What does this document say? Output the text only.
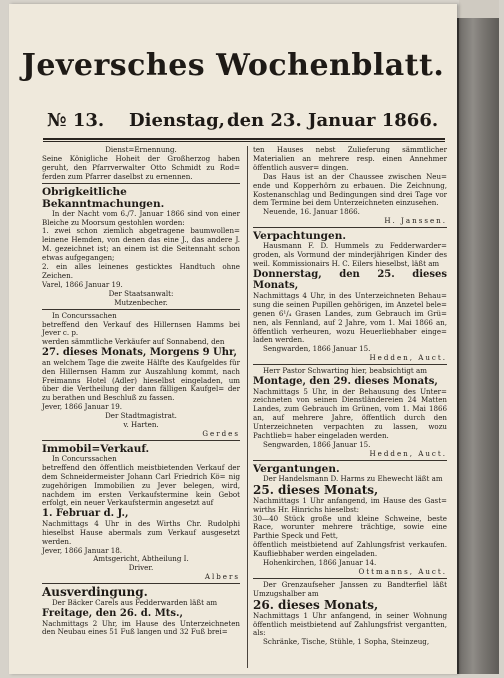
Jeversches Wochenblatt.
№ 13. Dienstag, den 23. Januar 1866.

Dienst=Ernennung.

Seine Königliche Hoheit der Großherzog haben geruht, den Pfarrverwalter Otto Schmidt zu Rod= ferden zum Pfarrer daselbst zu ernennen.

Obrigkeitliche Bekanntmachungen.

In der Nacht vom 6./7. Januar 1866 sind von einer Bleiche zu Moorsum gestohlen worden:

1. zwei schon ziemlich abgetragene baumwollen= leinene Hemden, von denen das eine J., das andere J. M. gezeichnet ist; an einem ist die Seitennaht schon etwas aufgegangen;

2. ein alles leinenes gesticktes Handtuch ohne Zeichen.

Varel, 1866 Januar 19.

Der Staatsanwalt:

Mutzenbecher.

In Concurssachen

betreffend den Verkauf des Hillernsen Hamms bei Jever c. p.

werden sämmtliche Verkäufer auf Sonnabend, den

27. dieses Monats, Morgens 9 Uhr,

an welchem Tage die zweite Hälfte des Kaufgeldes für den Hillernsen Hamm zur Auszahlung kommt, nach Freimanns Hotel (Adler) hieselbst eingeladen, um über die Vertheilung der dann fälligen Kaufgel= der zu berathen und Beschluß zu fassen.

Jever, 1866 Januar 19.

Der Stadtmagistrat.

v. Harten.

Gerdes

Immobil=Verkauf.

In Concurssachen

betreffend den öffentlich meistbietenden Verkauf der dem Schneidermeister Johann Carl Friedrich Kö= nig zugehörigen Immobilien zu Jever belegen, wird, nachdem im ersten Verkaufstermine kein Gebot erfolgt, ein neuer Verkaufstermin angesetzt auf

1. Februar d. J.,

Nachmittags 4 Uhr in des Wirths Chr. Rudolphi hieselbst Hause abermals zum Verkauf ausgesetzt werden.

Jever, 1866 Januar 18.

Amtsgericht, Abtheilung I.

Driver.

Albers

Ausverdingung.

Der Bäcker Carels aus Fedderwarden läßt am

Freitage, den 26. d. Mts.,

Nachmittags 2 Uhr, im Hause des Unterzeichneten den Neubau eines 51 Fuß langen und 32 Fuß brei=

ten Hauses nebst Zulieferung sämmtlicher Materialien an mehrere resp. einen Annehmer öffentlich ausver= dingen.

Das Haus ist an der Chaussee zwischen Neu= ende und Kopperhörn zu erbauen. Die Zeichnung, Kostenanschlag und Bedingungen sind drei Tage vor dem Termine bei dem Unterzeichneten einzusehen.

Neuende, 16. Januar 1866.

H. Janssen.

Verpachtungen.

Hausmann F. D. Hummels zu Fedderwarder= groden, als Vormund der minderjährigen Kinder des weil. Kommissionairs H. C. Eilers hieselbst, läßt am

Donnerstag, den 25. dieses Monats,

Nachmittags 4 Uhr, in des Unterzeichneten Behau= sung die seinen Pupillen gehörigen, im Anzetel bele= genen 6¹/₄ Grasen Landes, zum Gebrauch im Grü= nen, als Fennland, auf 2 Jahre, vom 1. Mai 1866 an, öffentlich verheuren, wozu Heuerliebhaber einge= laden werden.

Sengwarden, 1866 Januar 15.

Hedden, Auct.

Herr Pastor Schwarting hier, beabsichtigt am

Montage, den 29. dieses Monats,

Nachmittags 5 Uhr, in der Behausung des Unter= zeichneten von seinen Dienstländereien 24 Matten Landes, zum Gebrauch im Grünen, vom 1. Mai 1866 an, auf mehrere Jahre, öffentlich durch den Unterzeichneten verpachten zu lassen, wozu Pachtlieb= haber eingeladen werden.

Sengwarden, 1866 Januar 15.

Hedden, Auct.

Vergantungen.

Der Handelsmann D. Harms zu Ehewecht läßt am

25. dieses Monats,

Nachmittags 1 Uhr anfangend, im Hause des Gast= wirths Hr. Hinrichs hieselbst:

30—40 Stück große und kleine Schweine, beste Race, worunter mehrere trächtige, sowie eine Parthie Speck und Fett,

öffentlich meistbietend auf Zahlungsfrist verkaufen. Kaufliebhaber werden eingeladen.

Hohenkirchen, 1866 Januar 14.

Ottmanns, Auct.

Der Grenzaufseher Janssen zu Bandterfiel läßt Umzugshalber am

26. dieses Monats,

Nachmittags 1 Uhr anfangend, in seiner Wohnung öffentlich meistbietend auf Zahlungsfrist vergantten, als:

Schränke, Tische, Stühle, 1 Sopha, Steinzeug,
